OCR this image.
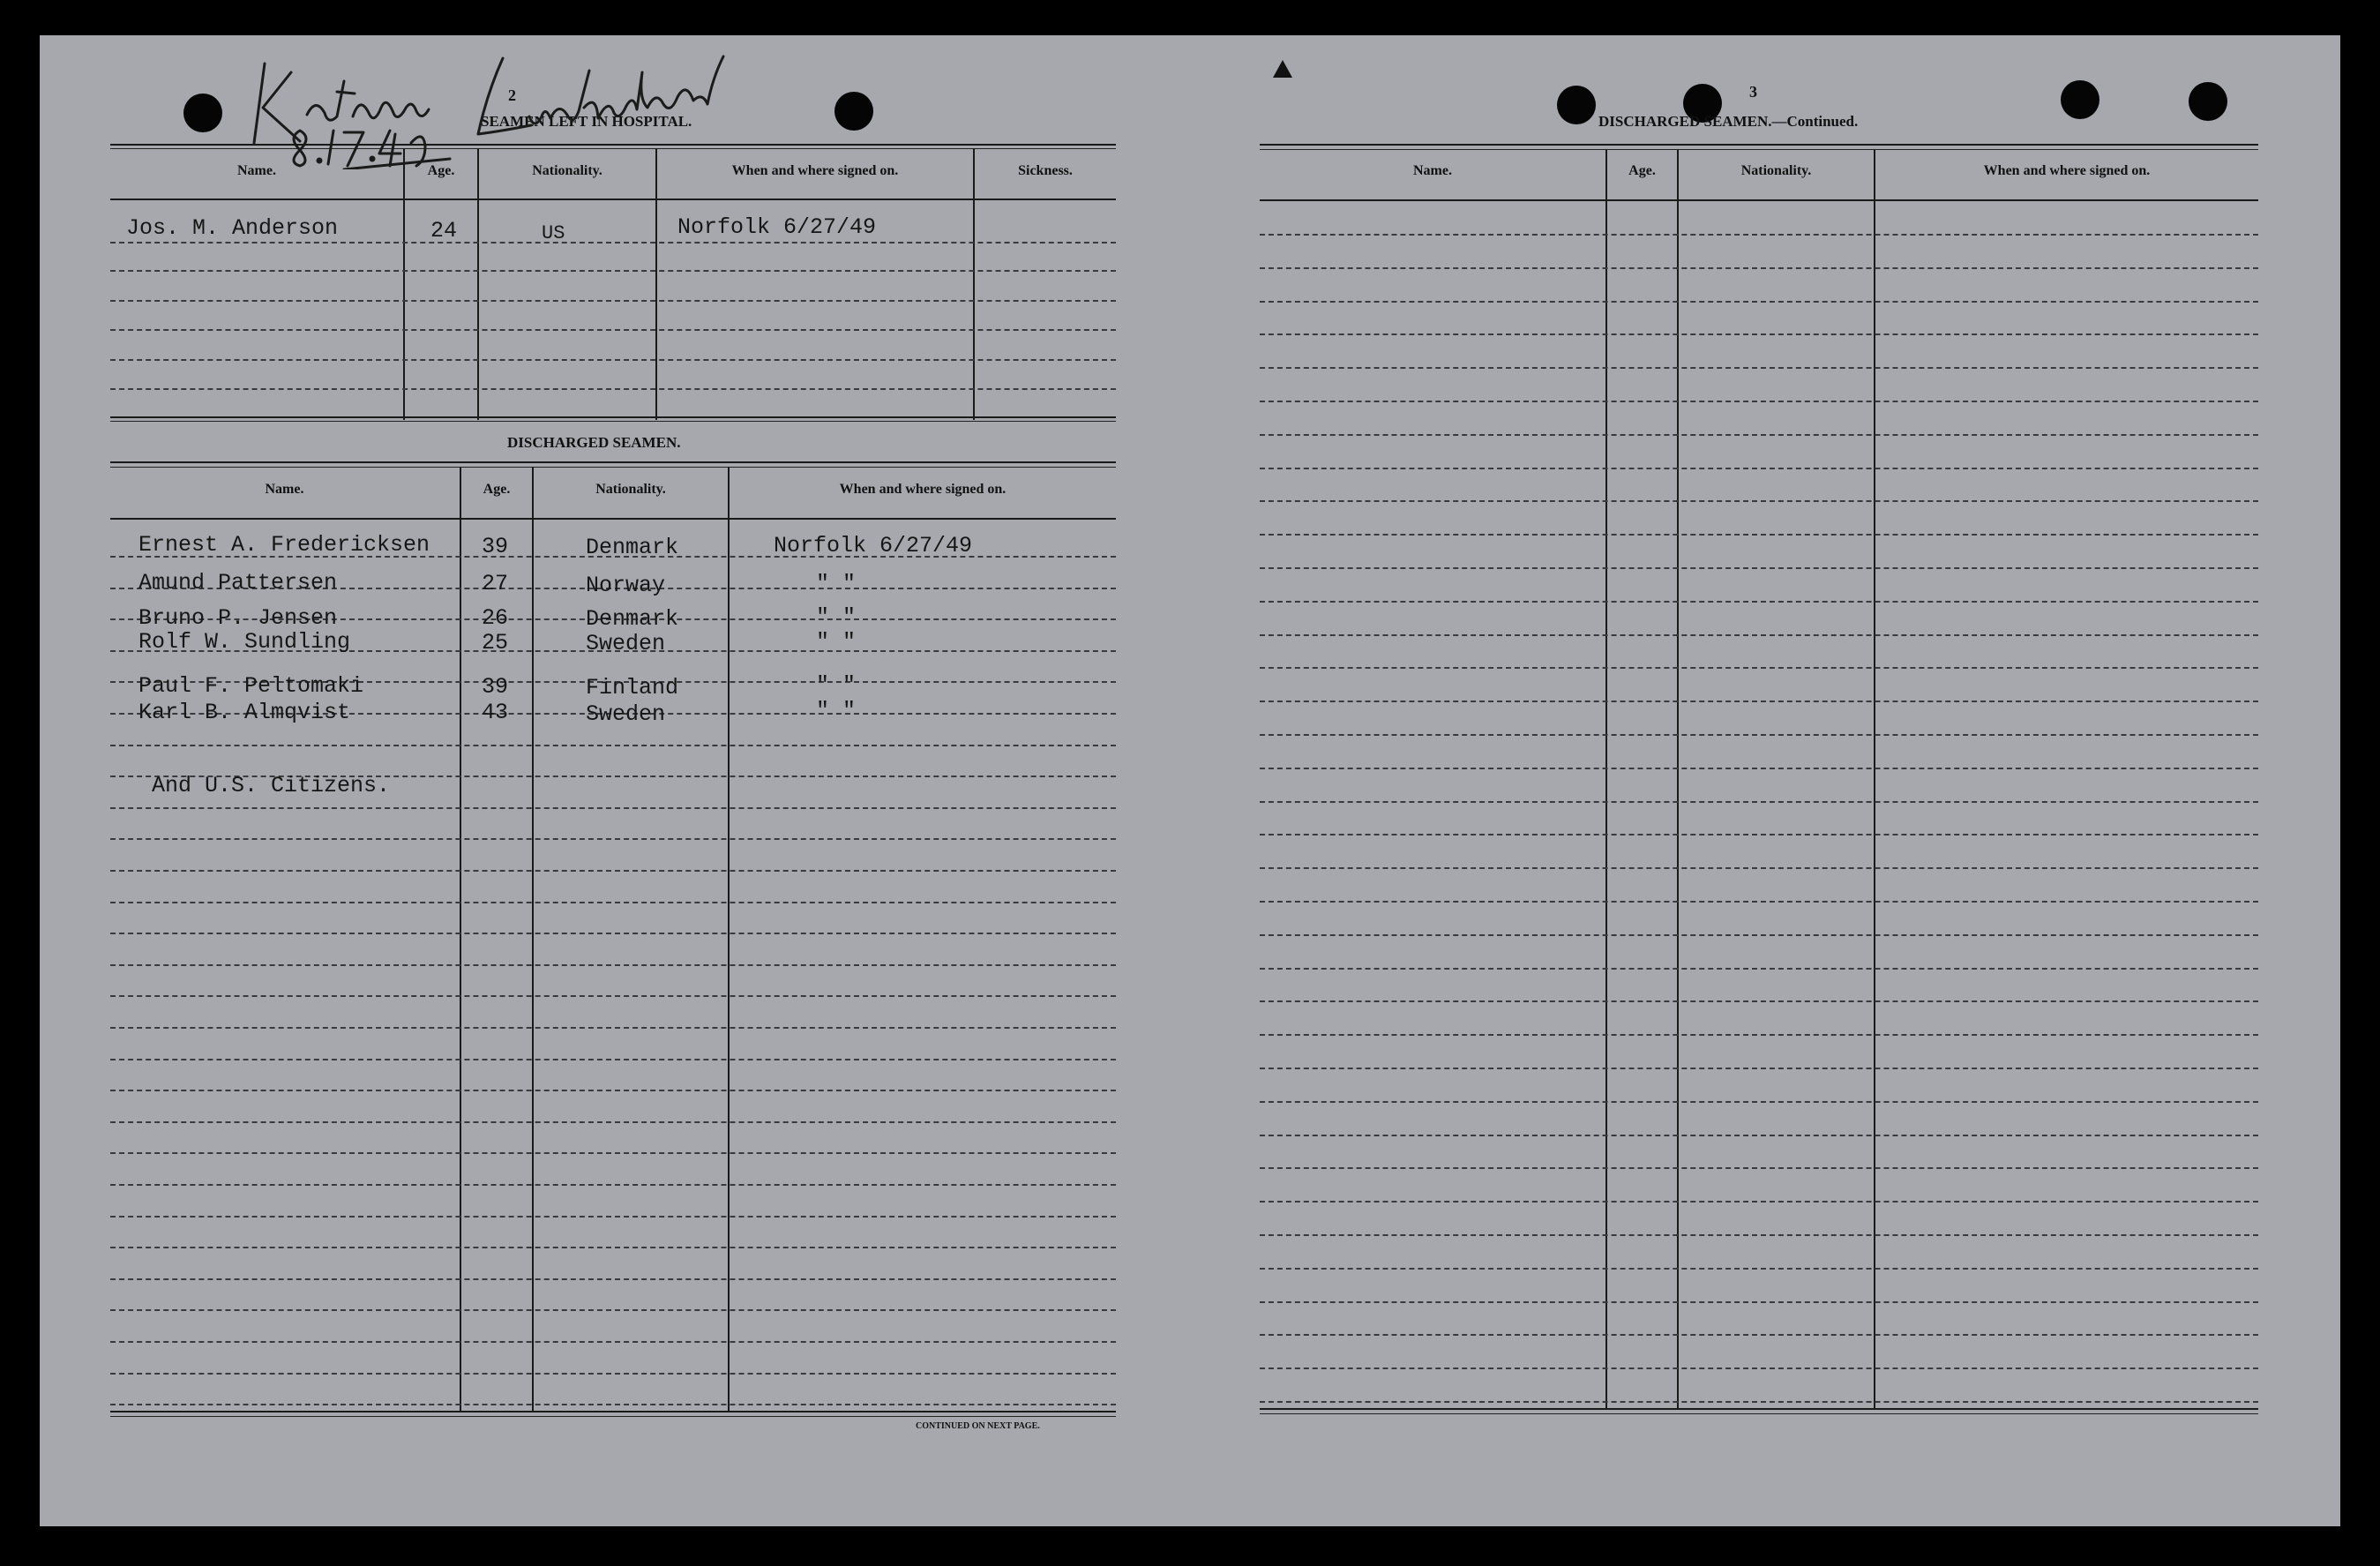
2
SEAMEN LEFT IN HOSPITAL.
Name.	Age.	Nationality.	When and where signed on.	Sickness.
Jos. M. Anderson	24	US	Norfolk 6/27/49
DISCHARGED SEAMEN.
Name.	Age.	Nationality.	When and where signed on.
CONTINUED ON NEXT PAGE.
Ernest A. Fredericksen 39	Denmark	Norfolk 6/27/49
Amund Pattersen	27	Norway	" "
Bruno P. Jensen	26	Denmark	" "
Rolf W. Sundling	25	Sweden	" "
Paul F. Peltomaki	39	Finland	" "
Karl B. Almqvist	43	Sweden	" "
And U.S. Citizens.
3
DISCHARGED SEAMEN.—Continued.
Name.	Age.	Nationality.	When and where signed on.
